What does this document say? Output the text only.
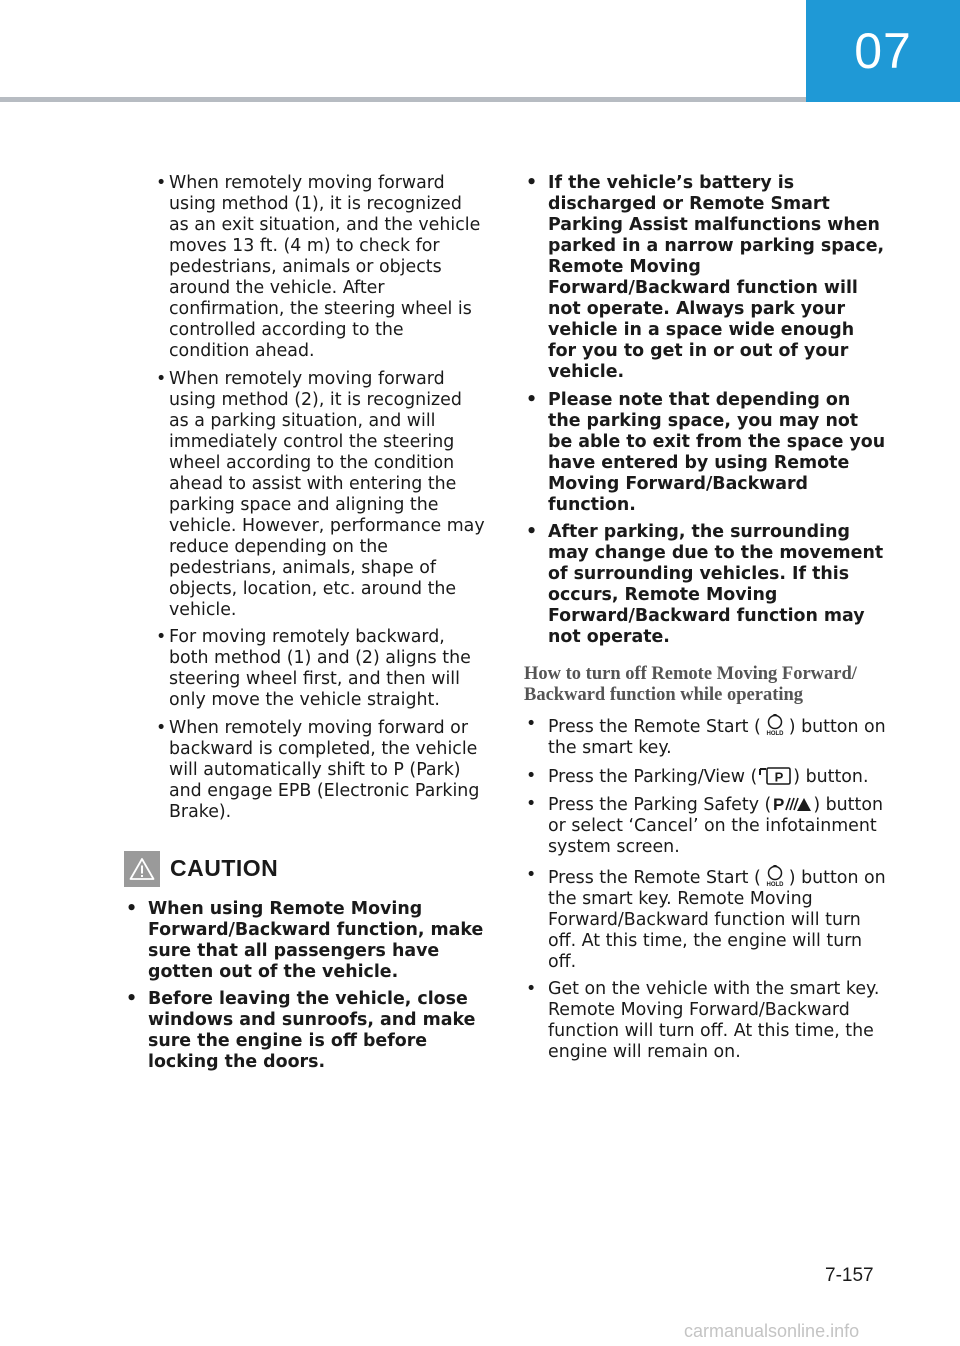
07
• When remotely moving forward using method (1), it is recognized as an exit situation, and the vehicle moves 13 ft. (4 m) to check for pedestrians, animals or objects around the vehicle. After confirmation, the steering wheel is controlled according to the condition ahead.
• When remotely moving forward using method (2), it is recognized as a parking situation, and will immediately control the steering wheel according to the condition ahead to assist with entering the parking space and aligning the vehicle. However, performance may reduce depending on the pedestrians, animals, shape of objects, location, etc. around the vehicle.
• For moving remotely backward, both method (1) and (2) aligns the steering wheel first, and then will only move the vehicle straight.
• When remotely moving forward or backward is completed, the vehicle will automatically shift to P (Park) and engage EPB (Electronic Parking Brake).
CAUTION
• When using Remote Moving Forward/Backward function, make sure that all passengers have gotten out of the vehicle.
• Before leaving the vehicle, close windows and sunroofs, and make sure the engine is off before locking the doors.
• If the vehicle’s battery is discharged or Remote Smart Parking Assist malfunctions when parked in a narrow parking space, Remote Moving Forward/Backward function will not operate. Always park your vehicle in a space wide enough for you to get in or out of your vehicle.
• Please note that depending on the parking space, you may not be able to exit from the space you have entered by using Remote Moving Forward/Backward function.
• After parking, the surrounding may change due to the movement of surrounding vehicles. If this occurs, Remote Moving Forward/Backward function may not operate.
How to turn off Remote Moving Forward/ Backward function while operating
• Press the Remote Start ( HOLD ) button on the smart key.
• Press the Parking/View ( P ) button.
• Press the Parking Safety ( P ) button or select ‘Cancel’ on the infotainment system screen.
• Press the Remote Start ( HOLD ) button on the smart key. Remote Moving Forward/Backward function will turn off. At this time, the engine will turn off.
• Get on the vehicle with the smart key. Remote Moving Forward/Backward function will turn off. At this time, the engine will remain on.
7-157
carmanualsonline.info
